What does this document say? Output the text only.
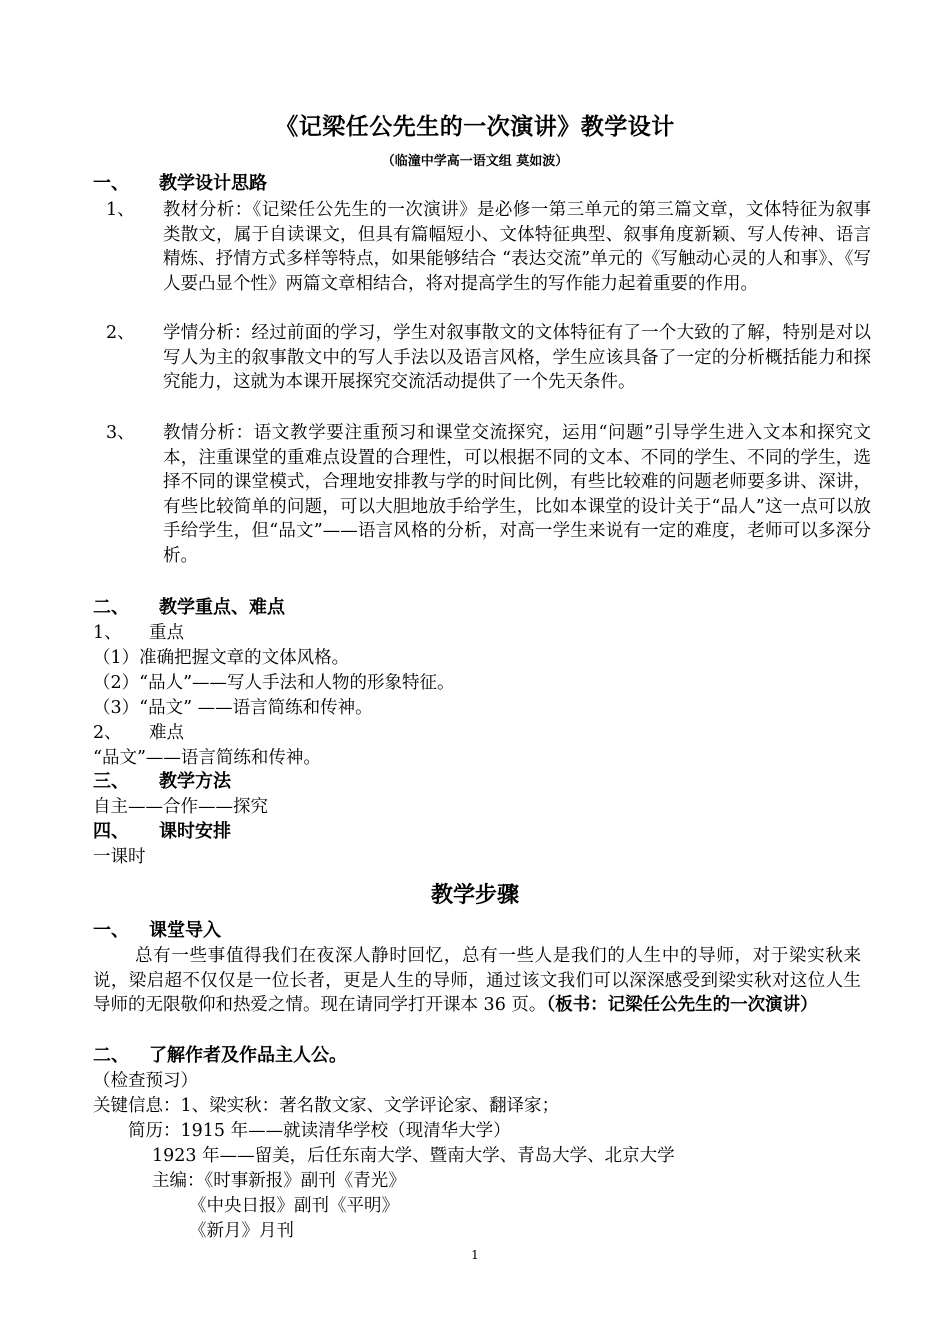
《记梁任公先生的一次演讲》教学设计
（临潼中学高一语文组 莫如波）
一、 教学设计思路
1、 教材分析：《记梁任公先生的一次演讲》是必修一第三单元的第三篇文章，文体特征为叙事类散文，属于自读课文，但具有篇幅短小、文体特征典型、叙事角度新颖、写人传神、语言精炼、抒情方式多样等特点，如果能够结合 “表达交流”单元的《写触动心灵的人和事》、《写人要凸显个性》两篇文章相结合，将对提高学生的写作能力起着重要的作用。
2、 学情分析：经过前面的学习，学生对叙事散文的文体特征有了一个大致的了解，特别是对以写人为主的叙事散文中的写人手法以及语言风格，学生应该具备了一定的分析概括能力和探究能力，这就为本课开展探究交流活动提供了一个先天条件。
3、 教情分析：语文教学要注重预习和课堂交流探究，运用“问题”引导学生进入文本和探究文本，注重课堂的重难点设置的合理性，可以根据不同的文本、不同的学生、不同的学生，选择不同的课堂模式，合理地安排教与学的时间比例，有些比较难的问题老师要多讲、深讲，有些比较简单的问题，可以大胆地放手给学生，比如本课堂的设计关于“品人”这一点可以放手给学生，但“品文”——语言风格的分析，对高一学生来说有一定的难度，老师可以多深分析。
二、 教学重点、难点
1、 重点
（1）准确把握文章的文体风格。
（2）“品人”——写人手法和人物的形象特征。
（3）“品文” ——语言简练和传神。
2、 难点
“品文”——语言简练和传神。
三、 教学方法
自主——合作——探究
四、 课时安排
一课时
教学步骤
一、 课堂导入
总有一些事值得我们在夜深人静时回忆，总有一些人是我们的人生中的导师，对于梁实秋来说，梁启超不仅仅是一位长者，更是人生的导师，通过该文我们可以深深感受到梁实秋对这位人生导师的无限敬仰和热爱之情。现在请同学打开课本 36 页。（板书：记梁任公先生的一次演讲）
二、 了解作者及作品主人公。
（检查预习）
关键信息：1、梁实秋：著名散文家、文学评论家、翻译家；
简历：1915 年——就读清华学校（现清华大学）
1923 年——留美，后任东南大学、暨南大学、青岛大学、北京大学
主编：《时事新报》副刊《青光》
《中央日报》副刊《平明》
《新月》月刊
1
